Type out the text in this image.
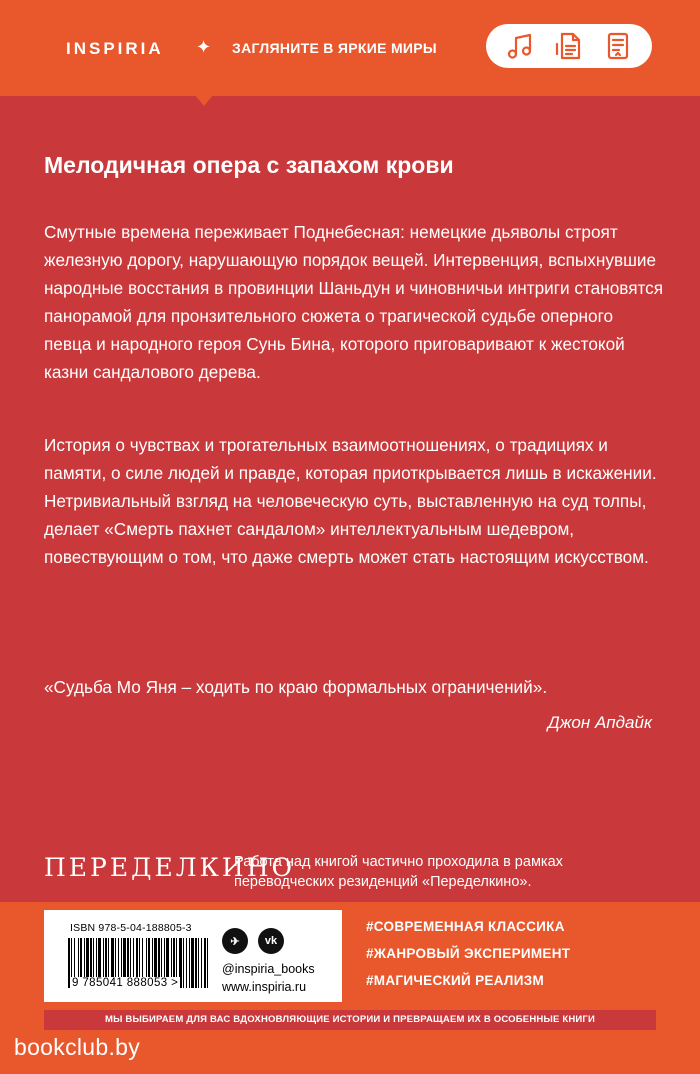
INSPIRIA ✦ ЗАГЛЯНИТЕ В ЯРКИЕ МИРЫ
Мелодичная опера с запахом крови
Смутные времена переживает Поднебесная: немецкие дьяволы строят железную дорогу, нарушающую порядок вещей. Интервенция, вспыхнувшие народные восстания в провинции Шаньдун и чиновничьи интриги становятся панорамой для пронзительного сюжета о трагической судьбе оперного певца и народного героя Сунь Бина, которого приговаривают к жестокой казни сандалового дерева.
История о чувствах и трогательных взаимоотношениях, о традициях и памяти, о силе людей и правде, которая приоткрывается лишь в искажении. Нетривиальный взгляд на человеческую суть, выставленную на суд толпы, делает «Смерть пахнет сандалом» интеллектуальным шедевром, повествующим о том, что даже смерть может стать настоящим искусством.
«Судьба Мо Яня – ходить по краю формальных ограничений».
Джон Апдайк
ПЕРЕДЕЛКИНО
Работа над книгой частично проходила в рамках переводческих резиденций «Переделкино».
ISBN 978-5-04-188805-3
9 785041 888053 >
✈	vk
@inspiria_books
www.inspiria.ru
#СОВРЕМЕННАЯ КЛАССИКА
#ЖАНРОВЫЙ ЭКСПЕРИМЕНТ
#МАГИЧЕСКИЙ РЕАЛИЗМ
МЫ ВЫБИРАЕМ ДЛЯ ВАС ВДОХНОВЛЯЮЩИЕ ИСТОРИИ И ПРЕВРАЩАЕМ ИХ В ОСОБЕННЫЕ КНИГИ
bookclub.by
